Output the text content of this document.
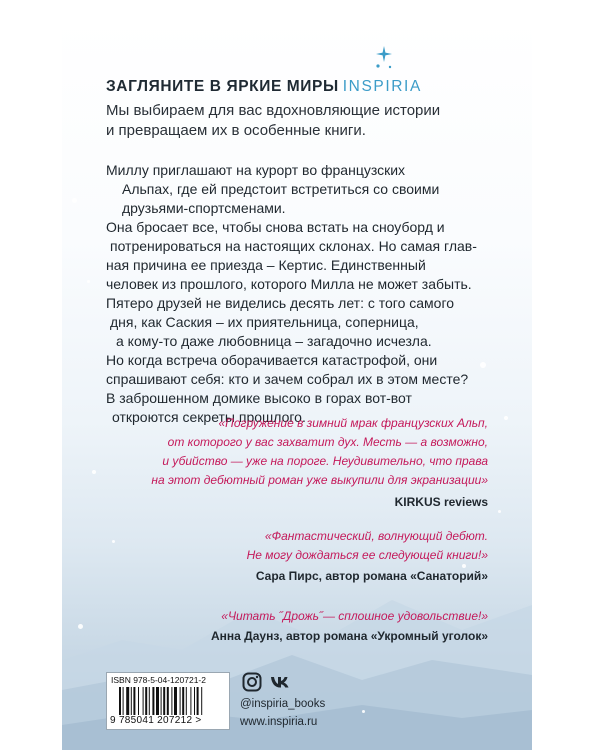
ЗАГЛЯНИТЕ В ЯРКИЕ МИРЫ INSPIRIA
Мы выбираем для вас вдохновляющие истории
и превращаем их в особенные книги.
Миллу приглашают на курорт во французских
Альпах, где ей предстоит встретиться со своими
друзьями-спортсменами.
Она бросает все, чтобы снова встать на сноуборд и
потренироваться на настоящих склонах. Но самая глав-
ная причина ее приезда – Кертис. Единственный
человек из прошлого, которого Милла не может забыть.
Пятеро друзей не виделись десять лет: с того самого
дня, как Саския – их приятельница, соперница,
а кому-то даже любовница – загадочно исчезла.
Но когда встреча оборачивается катастрофой, они
спрашивают себя: кто и зачем собрал их в этом месте?
В заброшенном домике высоко в горах вот-вот
откроются секреты прошлого.
«Погружение в зимний мрак французских Альп,
от которого у вас захватит дух. Месть — а возможно,
и убийство — уже на пороге. Неудивительно, что права
на этот дебютный роман уже выкупили для экранизации»
KIRKUS reviews
«Фантастический, волнующий дебют.
Не могу дождаться ее следующей книги!»
Сара Пирс, автор романа «Санаторий»
«Читать ˝Дрожь˝— сплошное удовольствие!»
Анна Даунз, автор романа «Укромный уголок»
ISBN 978-5-04-120721-2
9 785041 207212 >
@inspiria_books
www.inspiria.ru
